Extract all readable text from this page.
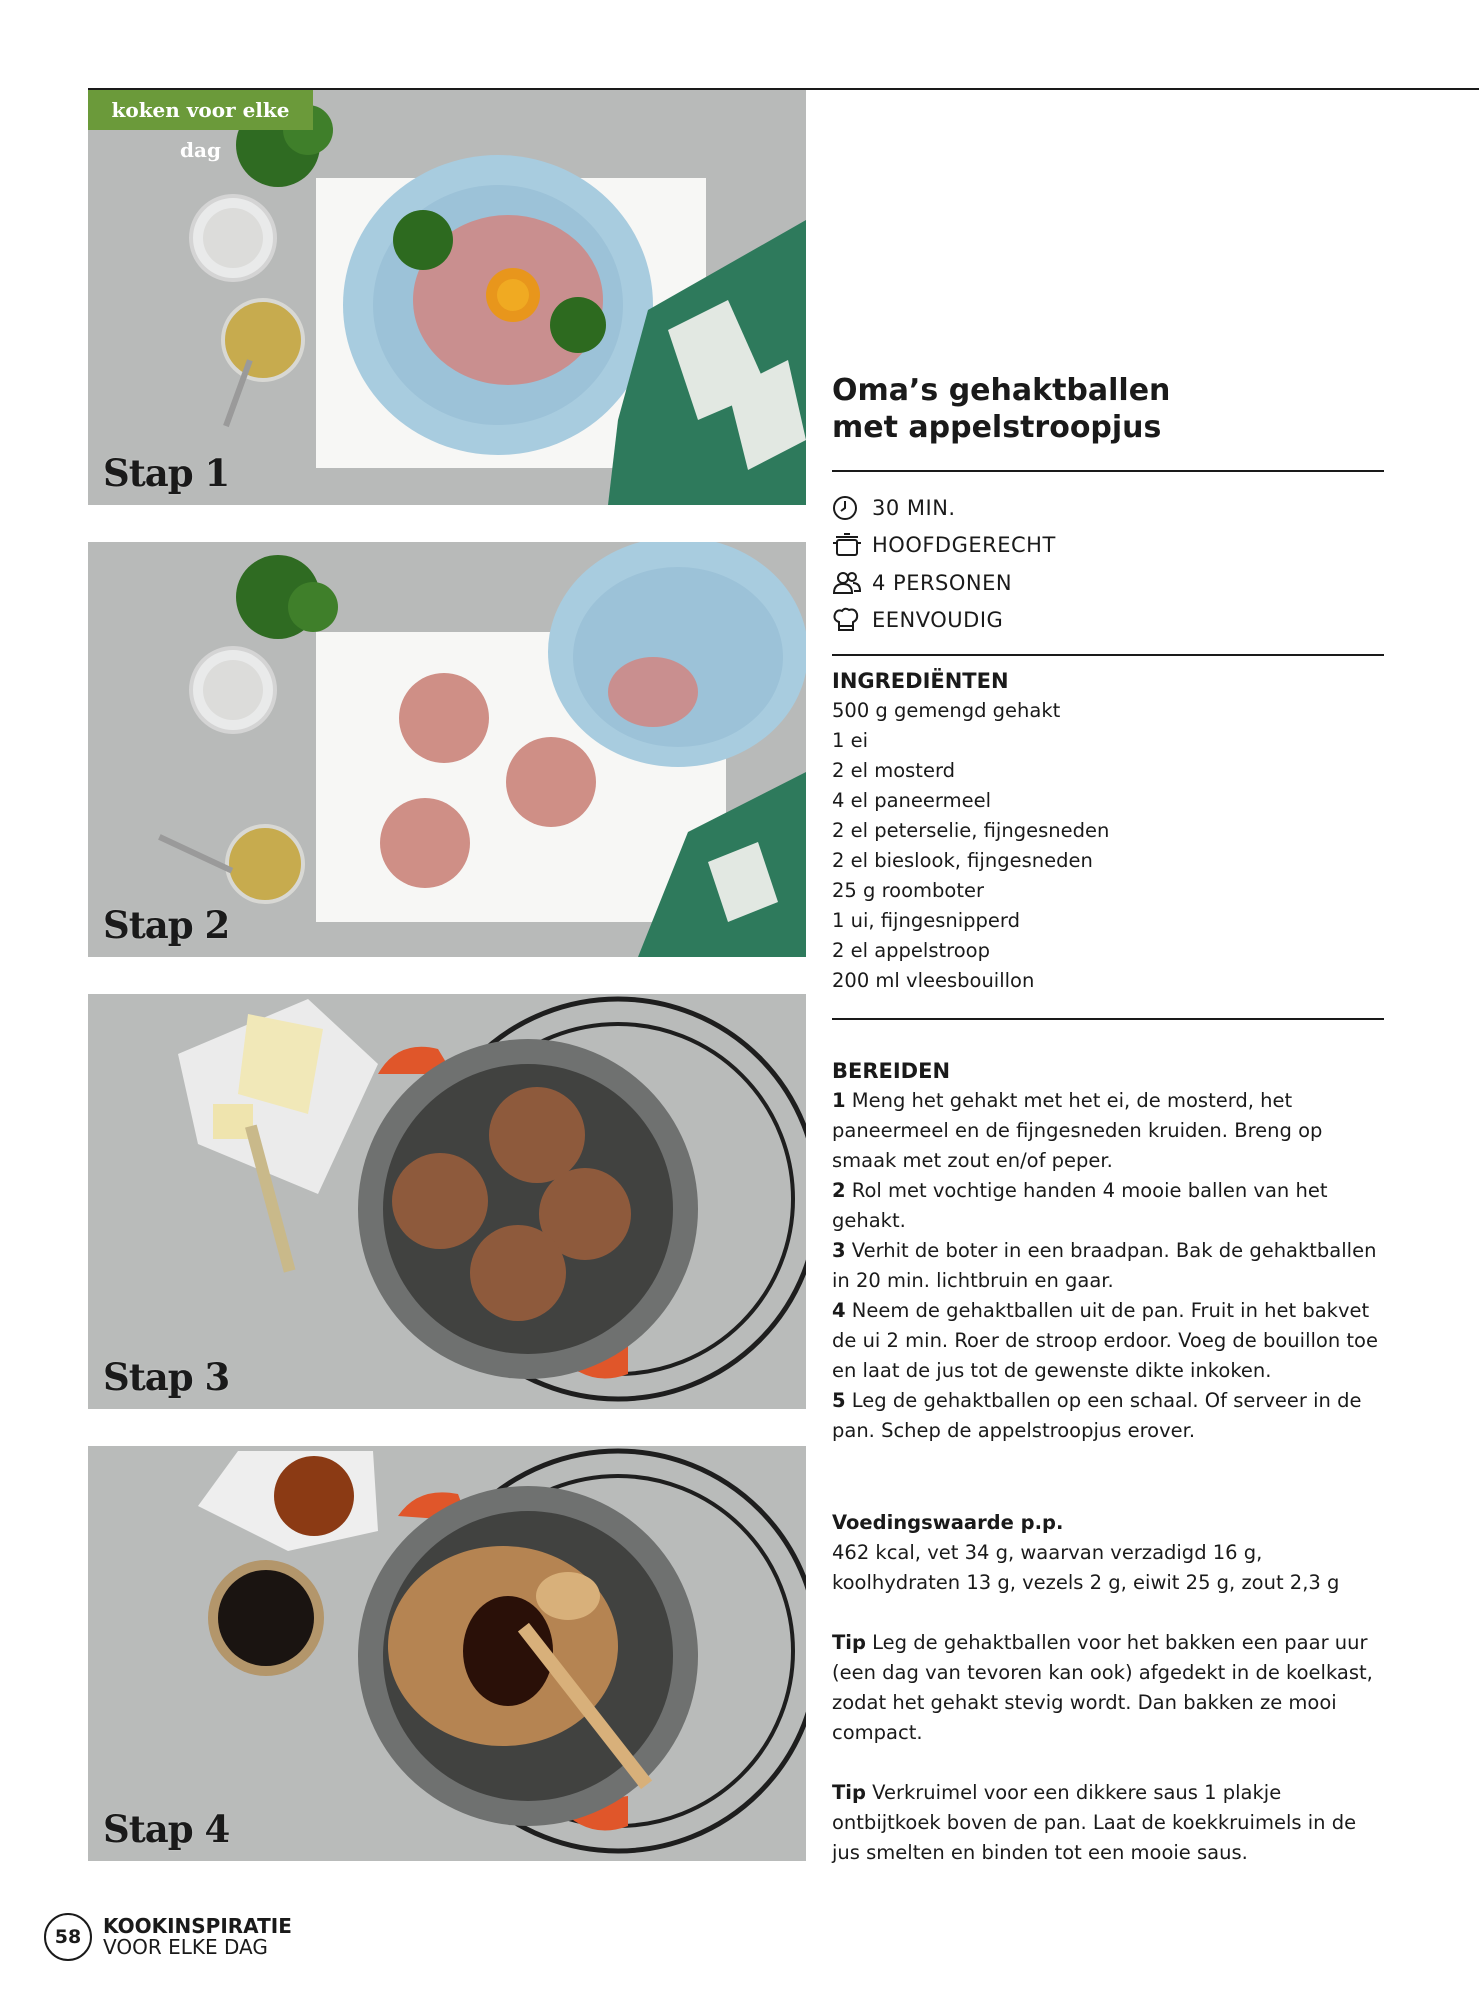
koken voor elke dag
Stap 1
Stap 2
Stap 3
Stap 4
Oma’s gehaktballen
met appelstroopjus
30 MIN.
HOOFDGERECHT
4 PERSONEN
EENVOUDIG
INGREDIËNTEN
500 g gemengd gehakt
1 ei
2 el mosterd
4 el paneermeel
2 el peterselie, fijngesneden
2 el bieslook, fijngesneden
25 g roomboter
1 ui, fijngesnipperd
2 el appelstroop
200 ml vleesbouillon
BEREIDEN

1 Meng het gehakt met het ei, de mosterd, het paneermeel en de fijngesneden kruiden. Breng op smaak met zout en/of peper.

2 Rol met vochtige handen 4 mooie ballen van het gehakt.

3 Verhit de boter in een braadpan. Bak de gehaktballen in 20 min. lichtbruin en gaar.

4 Neem de gehaktballen uit de pan. Fruit in het bakvet de ui 2 min. Roer de stroop erdoor. Voeg de bouillon toe en laat de jus tot de gewenste dikte inkoken.

5 Leg de gehaktballen op een schaal. Of serveer in de pan. Schep de appelstroopjus erover.

Voedingswaarde p.p.
462 kcal, vet 34 g, waarvan verzadigd 16 g, koolhydraten 13 g, vezels 2 g, eiwit 25 g, zout 2,3 g
Tip Leg de gehaktballen voor het bakken een paar uur (een dag van tevoren kan ook) afgedekt in de koelkast, zodat het gehakt stevig wordt. Dan bakken ze mooi compact.
Tip Verkruimel voor een dikkere saus 1 plakje ontbijtkoek boven de pan. Laat de koekkruimels in de jus smelten en binden tot een mooie saus.
58	KOOKINSPIRATIE
VOOR ELKE DAG
